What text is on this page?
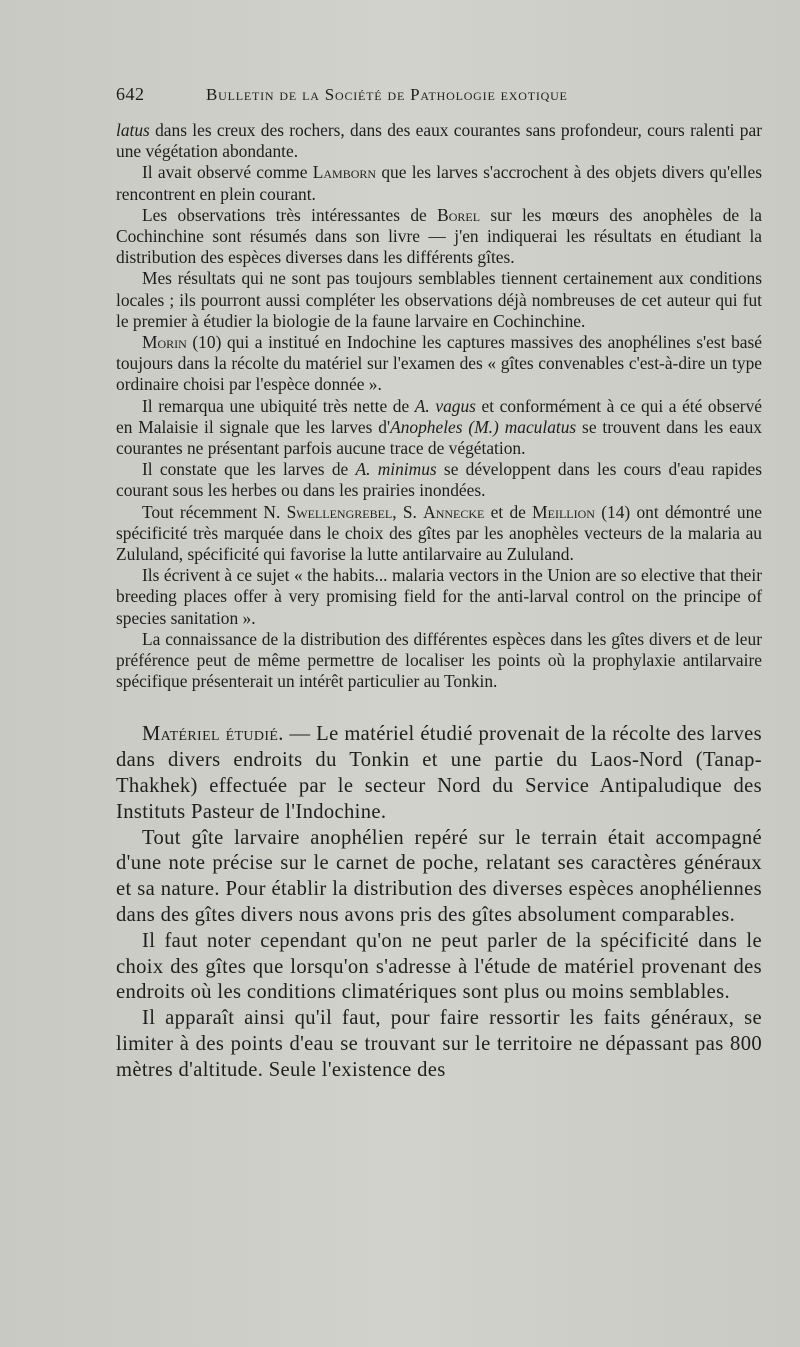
642	Bulletin de la Société de Pathologie exotique

latus dans les creux des rochers, dans des eaux courantes sans profondeur, cours ralenti par une végétation abondante.

Il avait observé comme Lamborn que les larves s'accrochent à des objets divers qu'elles rencontrent en plein courant.

Les observations très intéressantes de Borel sur les mœurs des anophèles de la Cochinchine sont résumés dans son livre — j'en indiquerai les résultats en étudiant la distribution des espèces diverses dans les différents gîtes.

Mes résultats qui ne sont pas toujours semblables tiennent certainement aux conditions locales ; ils pourront aussi compléter les observations déjà nombreuses de cet auteur qui fut le premier à étudier la biologie de la faune larvaire en Cochinchine.

Morin (10) qui a institué en Indochine les captures massives des anophélines s'est basé toujours dans la récolte du matériel sur l'examen des « gîtes convenables c'est-à-dire un type ordinaire choisi par l'espèce donnée ».

Il remarqua une ubiquité très nette de A. vagus et conformément à ce qui a été observé en Malaisie il signale que les larves d'Anopheles (M.) maculatus se trouvent dans les eaux courantes ne présentant parfois aucune trace de végétation.

Il constate que les larves de A. minimus se développent dans les cours d'eau rapides courant sous les herbes ou dans les prairies inondées.

Tout récemment N. Swellengrebel, S. Annecke et de Meillion (14) ont démontré une spécificité très marquée dans le choix des gîtes par les anophèles vecteurs de la malaria au Zululand, spécificité qui favorise la lutte antilarvaire au Zululand.

Ils écrivent à ce sujet « the habits... malaria vectors in the Union are so elective that their breeding places offer à very promising field for the anti-larval control on the principe of species sanitation ».

La connaissance de la distribution des différentes espèces dans les gîtes divers et de leur préférence peut de même permettre de localiser les points où la prophylaxie antilarvaire spécifique présenterait un intérêt particulier au Tonkin.

Matériel étudié. — Le matériel étudié provenait de la récolte des larves dans divers endroits du Tonkin et une partie du Laos-Nord (Tanap-Thakhek) effectuée par le secteur Nord du Service Antipaludique des Instituts Pasteur de l'Indochine.

Tout gîte larvaire anophélien repéré sur le terrain était accompagné d'une note précise sur le carnet de poche, relatant ses caractères généraux et sa nature. Pour établir la distribution des diverses espèces anophéliennes dans des gîtes divers nous avons pris des gîtes absolument comparables.

Il faut noter cependant qu'on ne peut parler de la spécificité dans le choix des gîtes que lorsqu'on s'adresse à l'étude de matériel provenant des endroits où les conditions climatériques sont plus ou moins semblables.

Il apparaît ainsi qu'il faut, pour faire ressortir les faits généraux, se limiter à des points d'eau se trouvant sur le territoire ne dépassant pas 800 mètres d'altitude. Seule l'existence des
